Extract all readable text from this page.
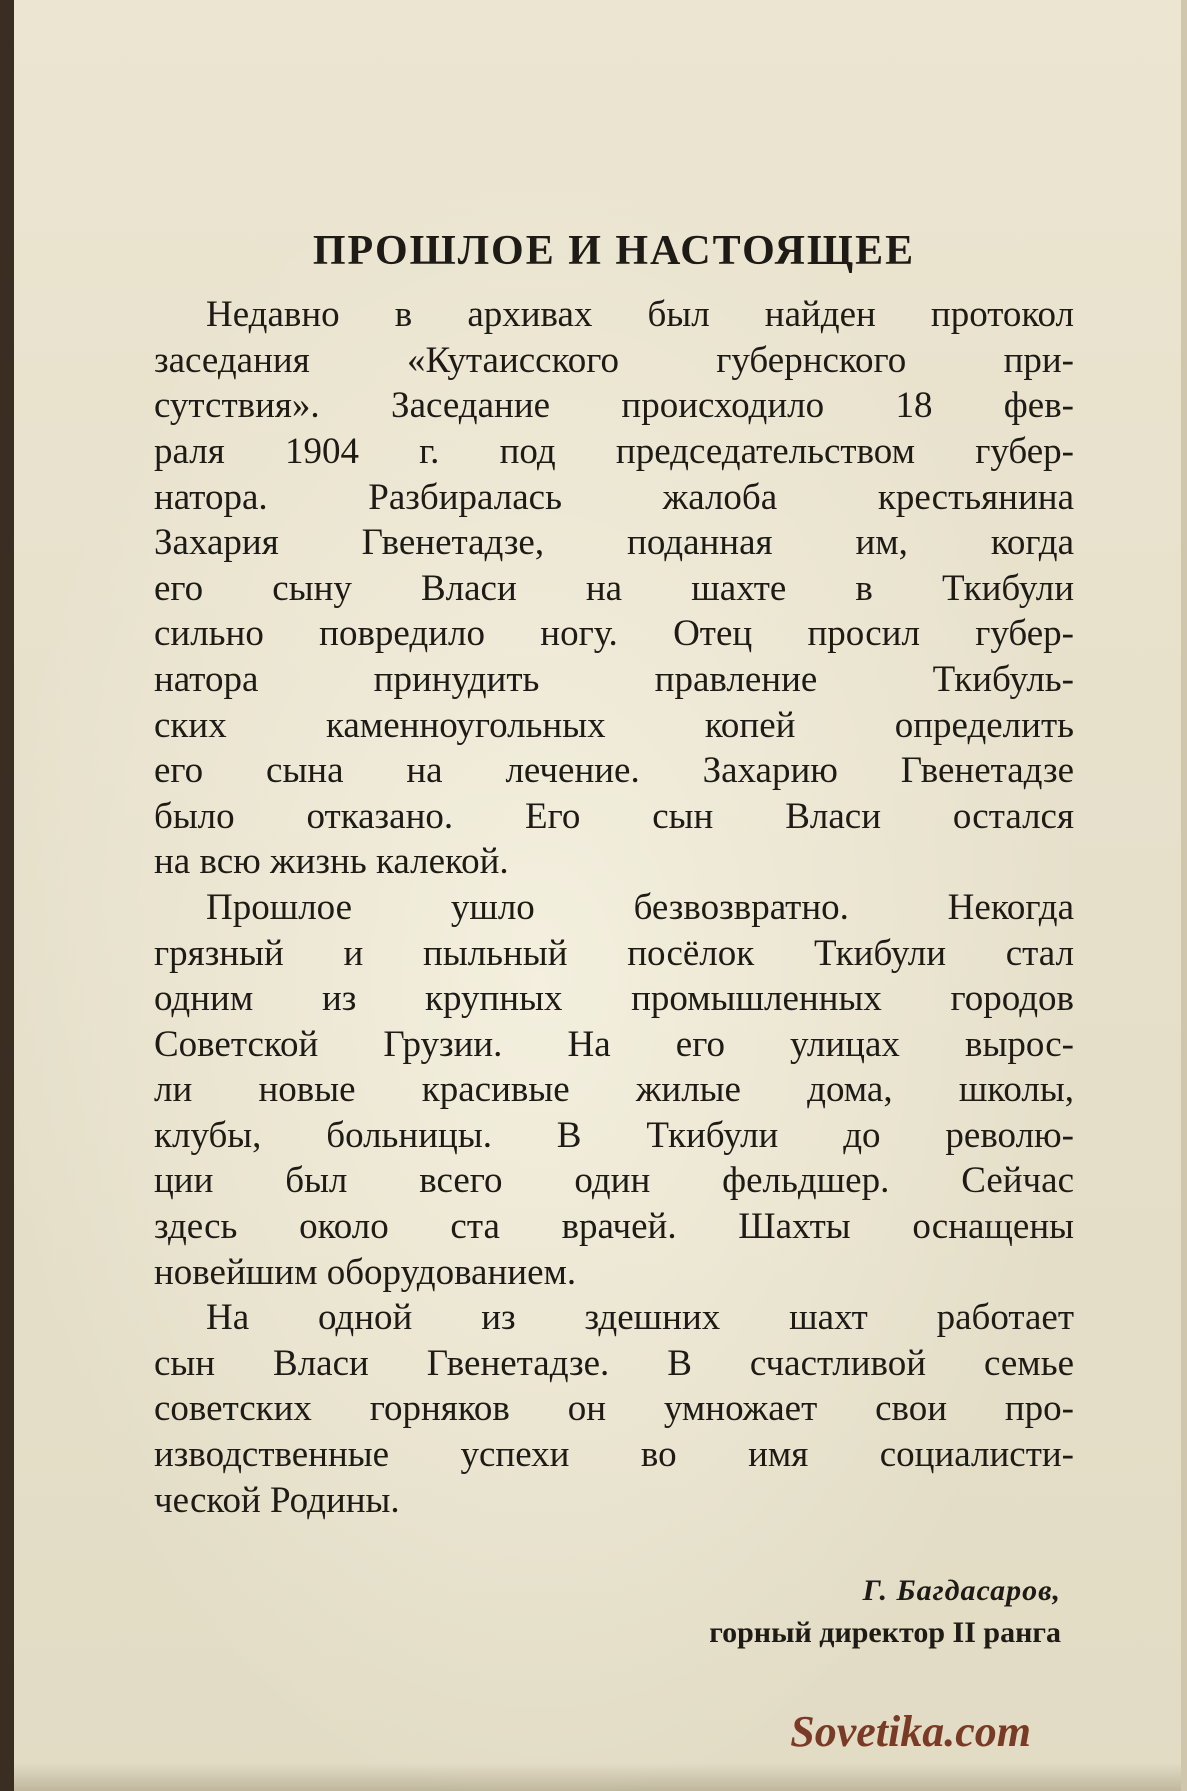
ПРОШЛОЕ И НАСТОЯЩЕЕ
Недавно в архивах был найден протокол
заседания «Кутаисского губернского при-
сутствия». Заседание происходило 18 фев-
раля 1904 г. под председательством губер-
натора. Разбиралась жалоба крестьянина
Захария Гвенетадзе, поданная им, когда
его сыну Власи на шахте в Ткибули
сильно повредило ногу. Отец просил губер-
натора принудить правление Ткибуль-
ских каменноугольных копей определить
его сына на лечение. Захарию Гвенетадзе
было отказано. Его сын Власи остался
на всю жизнь калекой.
Прошлое ушло безвозвратно. Некогда
грязный и пыльный посёлок Ткибули стал
одним из крупных промышленных городов
Советской Грузии. На его улицах вырос-
ли новые красивые жилые дома, школы,
клубы, больницы. В Ткибули до револю-
ции был всего один фельдшер. Сейчас
здесь около ста врачей. Шахты оснащены
новейшим оборудованием.
На одной из здешних шахт работает
сын Власи Гвенетадзе. В счастливой семье
советских горняков он умножает свои про-
изводственные успехи во имя социалисти-
ческой Родины.
Г. Багдасаров,
горный директор II ранга
Sovetika.com
